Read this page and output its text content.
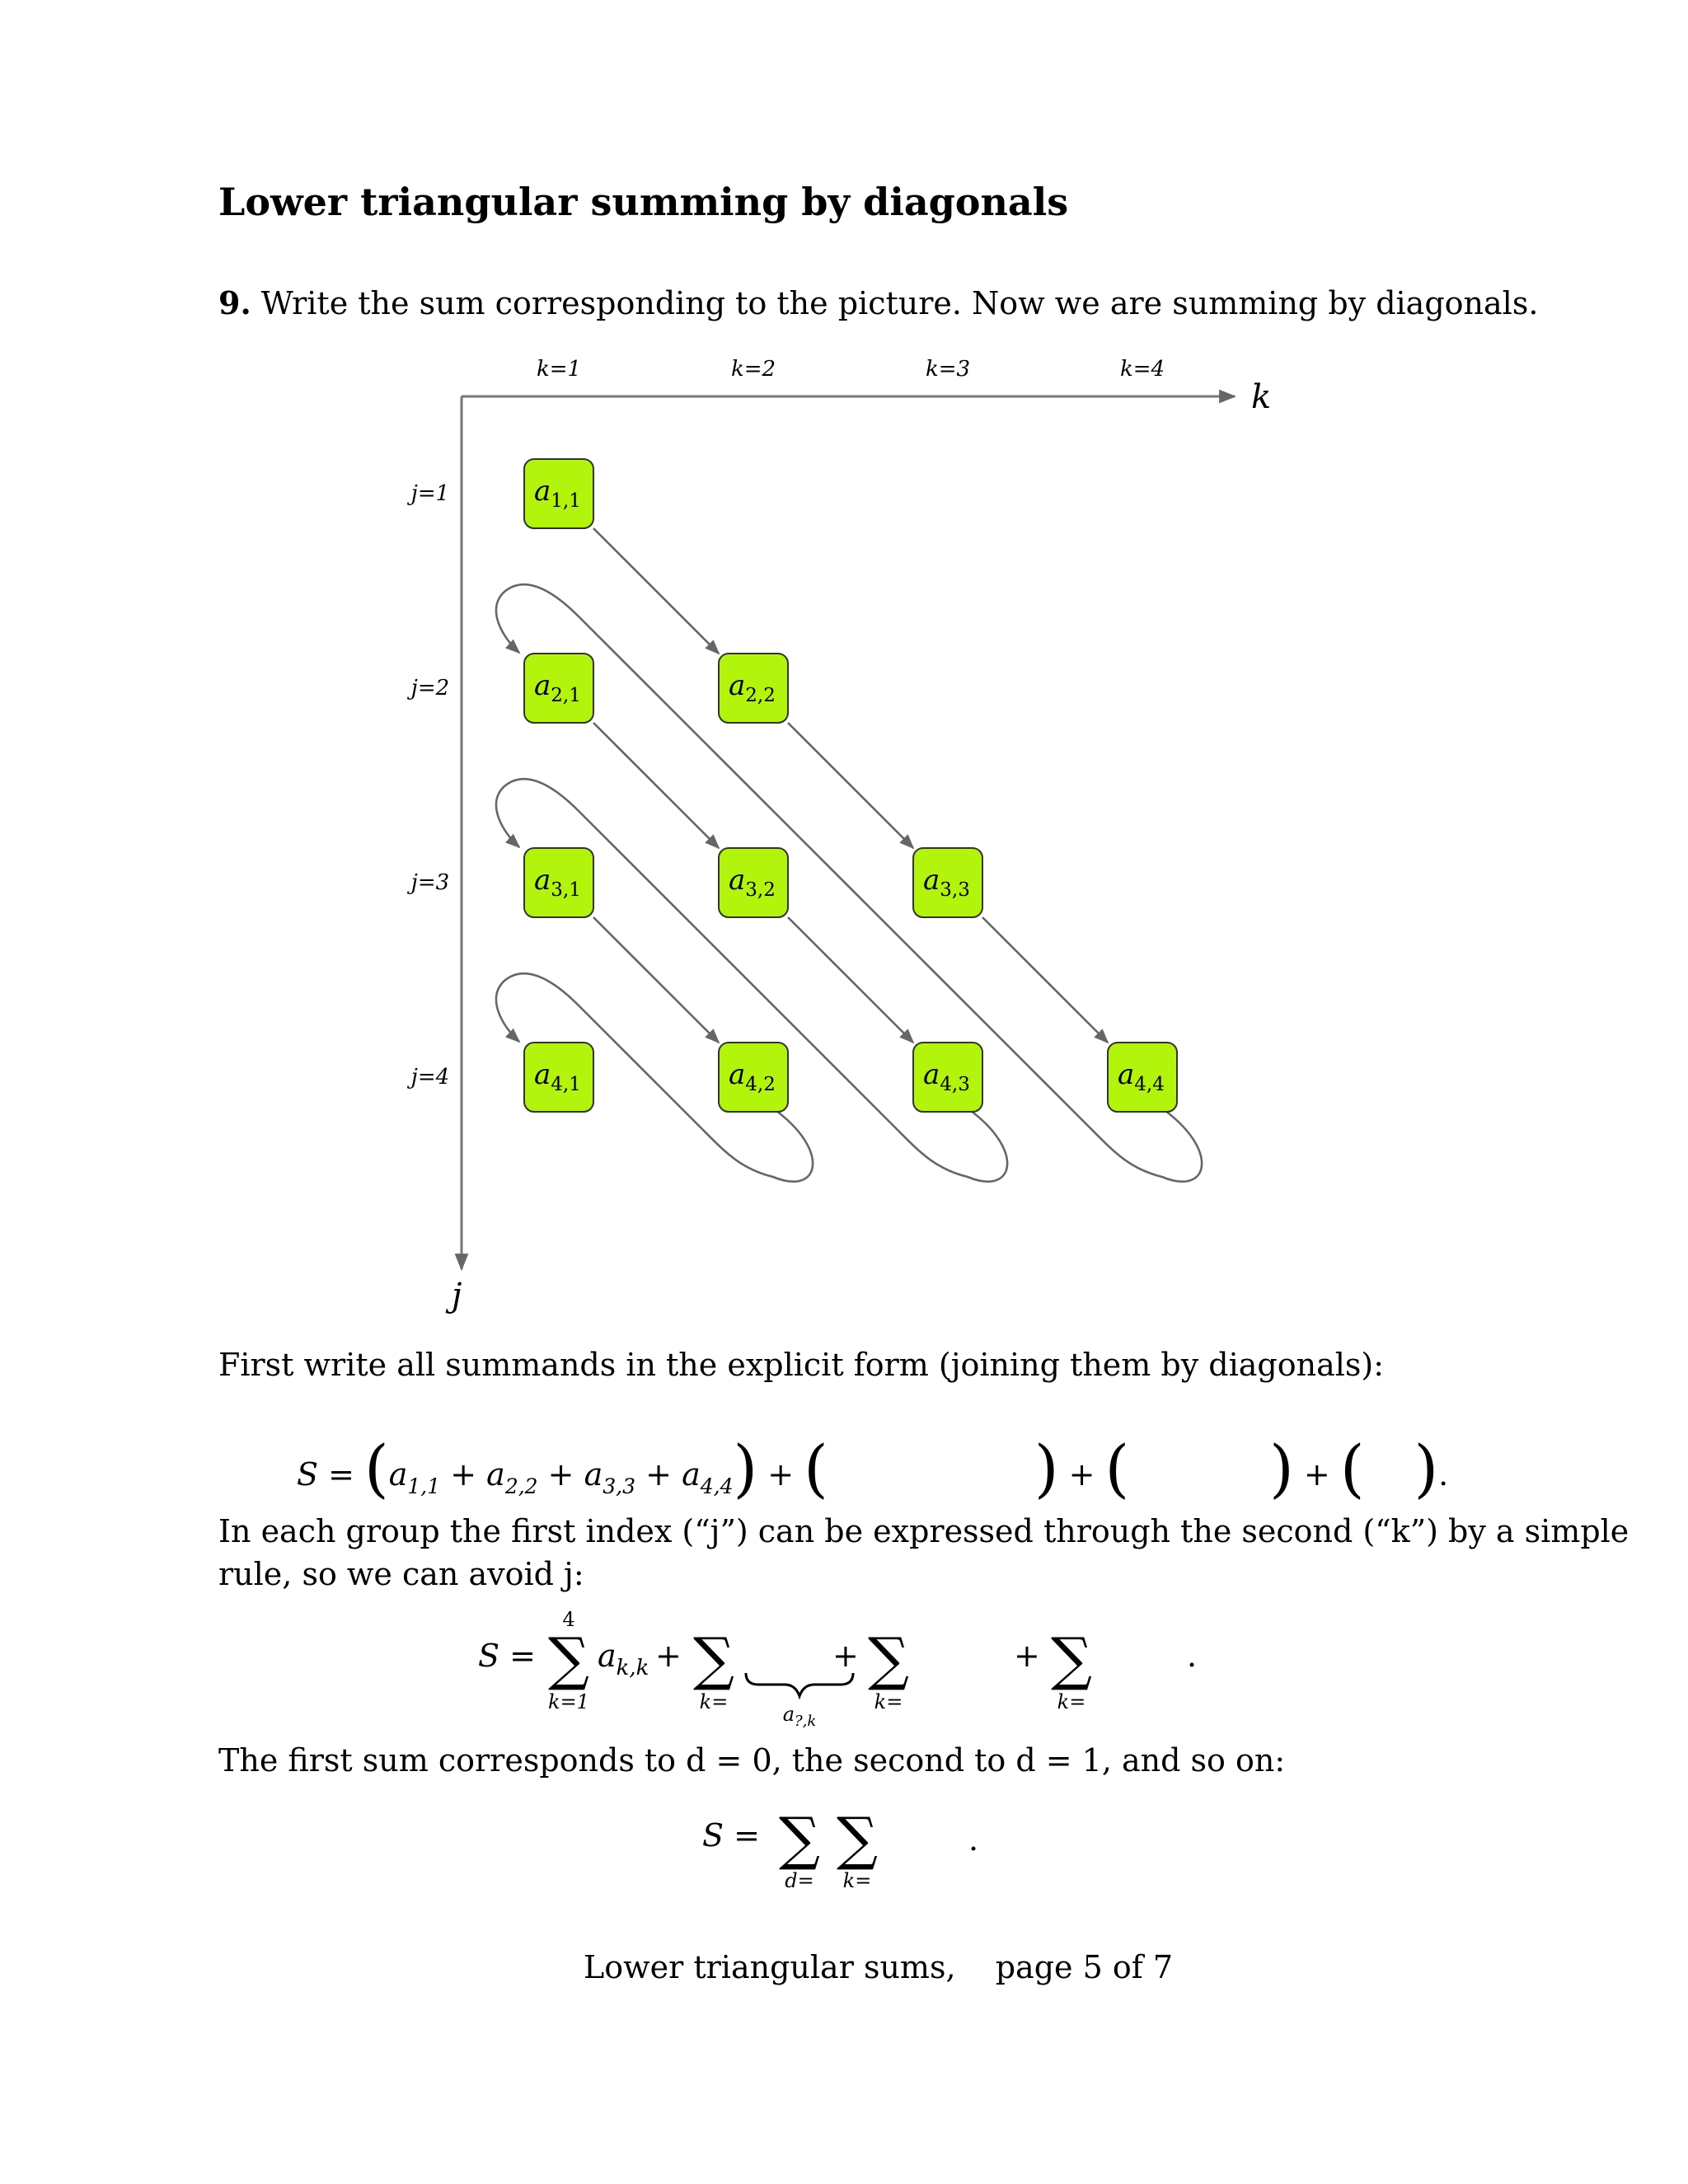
Lower triangular summing by diagonals
9. Write the sum corresponding to the picture. Now we are summing by diagonals.
k
j
k=1	k=2	k=3	k=4
j=1
j=2
j=3
j=4
$a_{1,1}$
$a_{2,1}$	$a_{2,2}$
$a_{3,1}$	$a_{3,2}$	$a_{3,3}$
$a_{4,1}$	$a_{4,2}$	$a_{4,3}$	$a_{4,4}$
First write all summands in the explicit form (joining them by diagonals):
$S = (a_{1,1} + a_{2,2} + a_{3,3} + a_{4,4})$ + (	) + ( ) + ( ).
In each group the first index (“j”) can be expressed through the second (“k”) by a simple
rule, so we can avoid j:
S =
4
∑
k=1
$a_{k,k}$ + ∑
k=
$a_{?,k}$
+ ∑
k=
+ ∑
k=
.
The first sum corresponds to d = 0, the second to d = 1, and so on:
S = ∑
d=
∑
k=
.
Lower triangular sums, page 5 of 7
